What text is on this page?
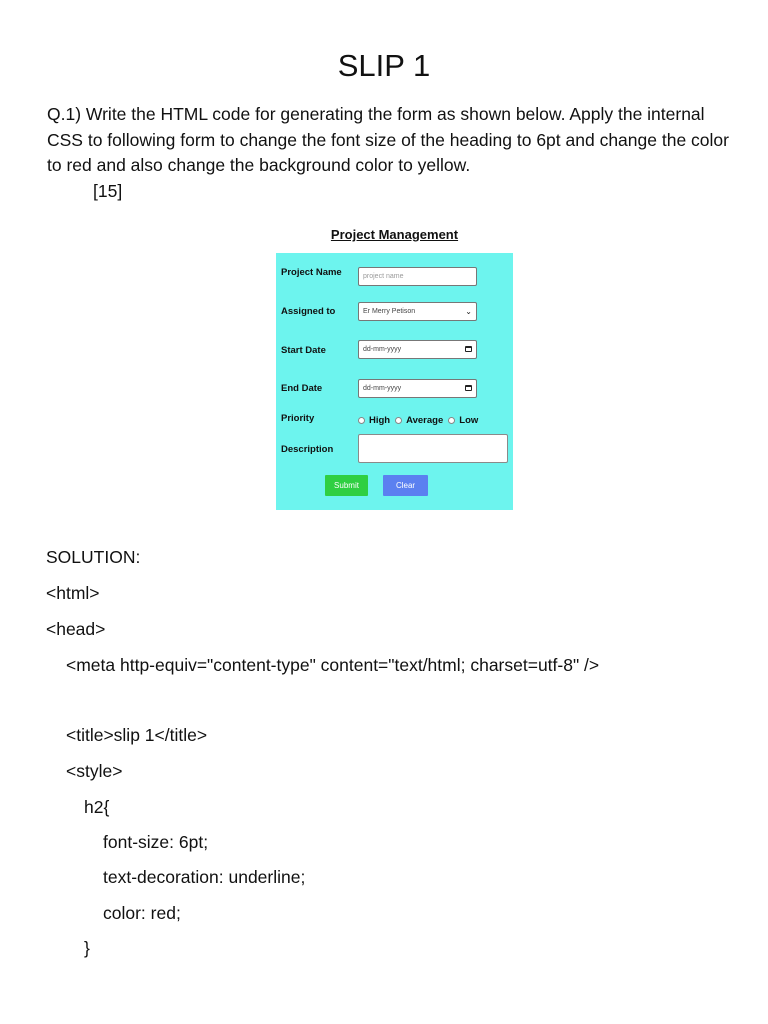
SLIP 1

Q.1) Write the HTML code for generating the form as shown below. Apply the internal CSS to following form to change the font size of the heading to 6pt and change the color to red and also change the background color to yellow.

[15]
Project Management
Project Name	project name
Assigned to	Er Merry Petison	⌄
Start Date	dd-mm-yyyy
End Date	dd-mm-yyyy
Priority	High Average Low
Description
Submit	Clear
SOLUTION:
<html>
<head>
<meta http-equiv="content-type" content="text/html; charset=utf-8" />
<title>slip 1</title>
<style>
h2{
font-size: 6pt;
text-decoration: underline;
color: red;
}
